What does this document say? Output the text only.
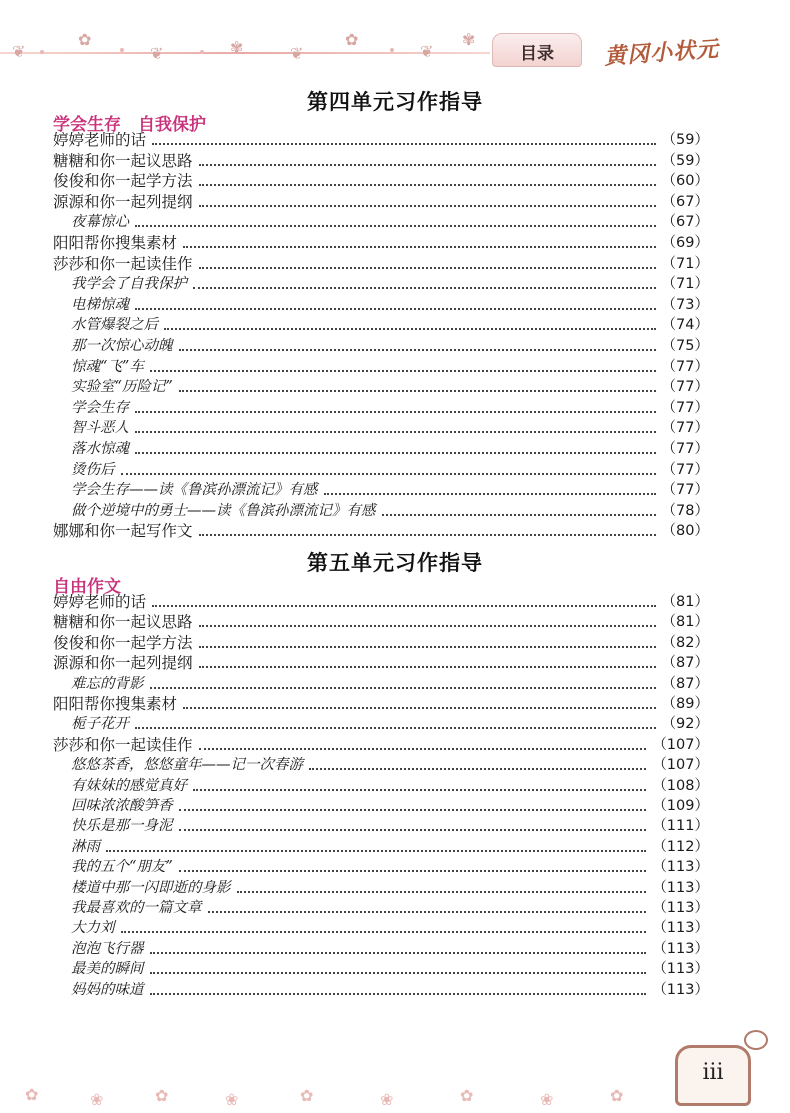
❦
✿
❦	✾	❦
✿
❦
✾
目录	黄冈小状元
第四单元习作指导
学会生存　自我保护
婷婷老师的话	（59）
糖糖和你一起议思路	（59）
俊俊和你一起学方法	（60）
源源和你一起列提纲	（67）
夜幕惊心	（67）
阳阳帮你搜集素材	（69）
莎莎和你一起读佳作	（71）
我学会了自我保护	（71）
电梯惊魂	（73）
水管爆裂之后	（74）
那一次惊心动魄	（75）
惊魂“飞”车	（77）
实验室“历险记”	（77）
学会生存	（77）
智斗恶人	（77）
落水惊魂	（77）
烫伤后	（77）
学会生存——读《鲁滨孙漂流记》有感	（77）
做个逆境中的勇士——读《鲁滨孙漂流记》有感	（78）
娜娜和你一起写作文	（80）
第五单元习作指导
自由作文
婷婷老师的话	（81）
糖糖和你一起议思路	（81）
俊俊和你一起学方法	（82）
源源和你一起列提纲	（87）
难忘的背影	（87）
阳阳帮你搜集素材	（89）
栀子花开	（92）
莎莎和你一起读佳作	（107）
悠悠茶香，悠悠童年——记一次春游	（107）
有妹妹的感觉真好	（108）
回味浓浓酸笋香	（109）
快乐是那一身泥	（111）
淋雨	（112）
我的五个“朋友”	（113）
楼道中那一闪即逝的身影	（113）
我最喜欢的一篇文章	（113）
大力刘	（113）
泡泡飞行器	（113）
最美的瞬间	（113）
妈妈的味道	（113）
✿	❀	✿	❀	✿	❀	✿	❀	✿
iii
